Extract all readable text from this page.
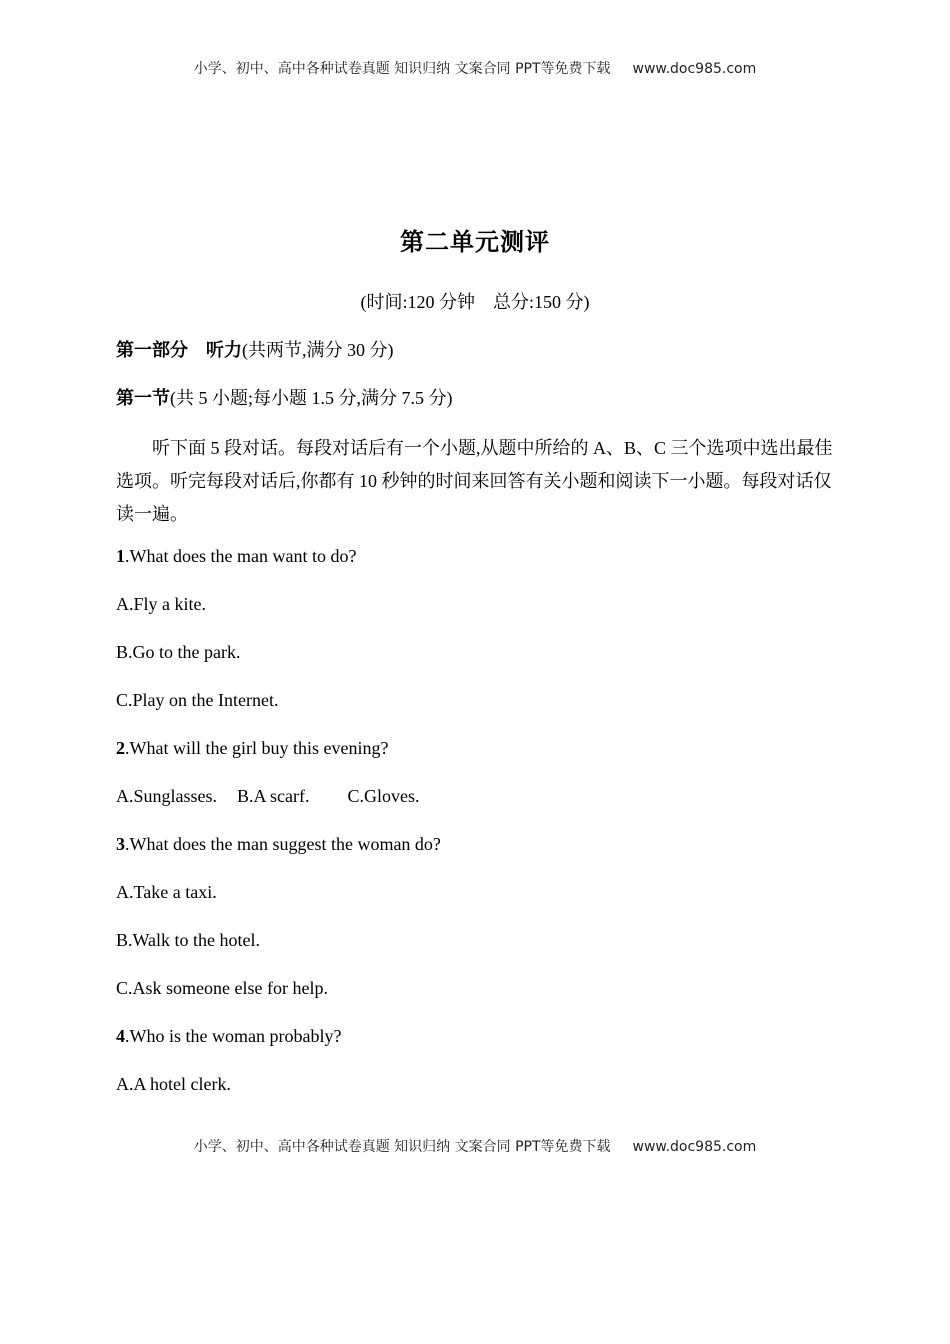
小学、初中、高中各种试卷真题 知识归纳 文案合同 PPT等免费下载 www.doc985.com
第二单元测评
(时间:120 分钟　总分:150 分)
第一部分　听力(共两节,满分 30 分)
第一节(共 5 小题;每小题 1.5 分,满分 7.5 分)
听下面 5 段对话。每段对话后有一个小题,从题中所给的 A、B、C 三个选项中选出最佳选项。听完每段对话后,你都有 10 秒钟的时间来回答有关小题和阅读下一小题。每段对话仅读一遍。
1.What does the man want to do?
A.Fly a kite.
B.Go to the park.
C.Play on the Internet.
2.What will the girl buy this evening?
A.Sunglasses. B.A scarf. C.Gloves.
3.What does the man suggest the woman do?
A.Take a taxi.
B.Walk to the hotel.
C.Ask someone else for help.
4.Who is the woman probably?
A.A hotel clerk.
小学、初中、高中各种试卷真题 知识归纳 文案合同 PPT等免费下载 www.doc985.com
